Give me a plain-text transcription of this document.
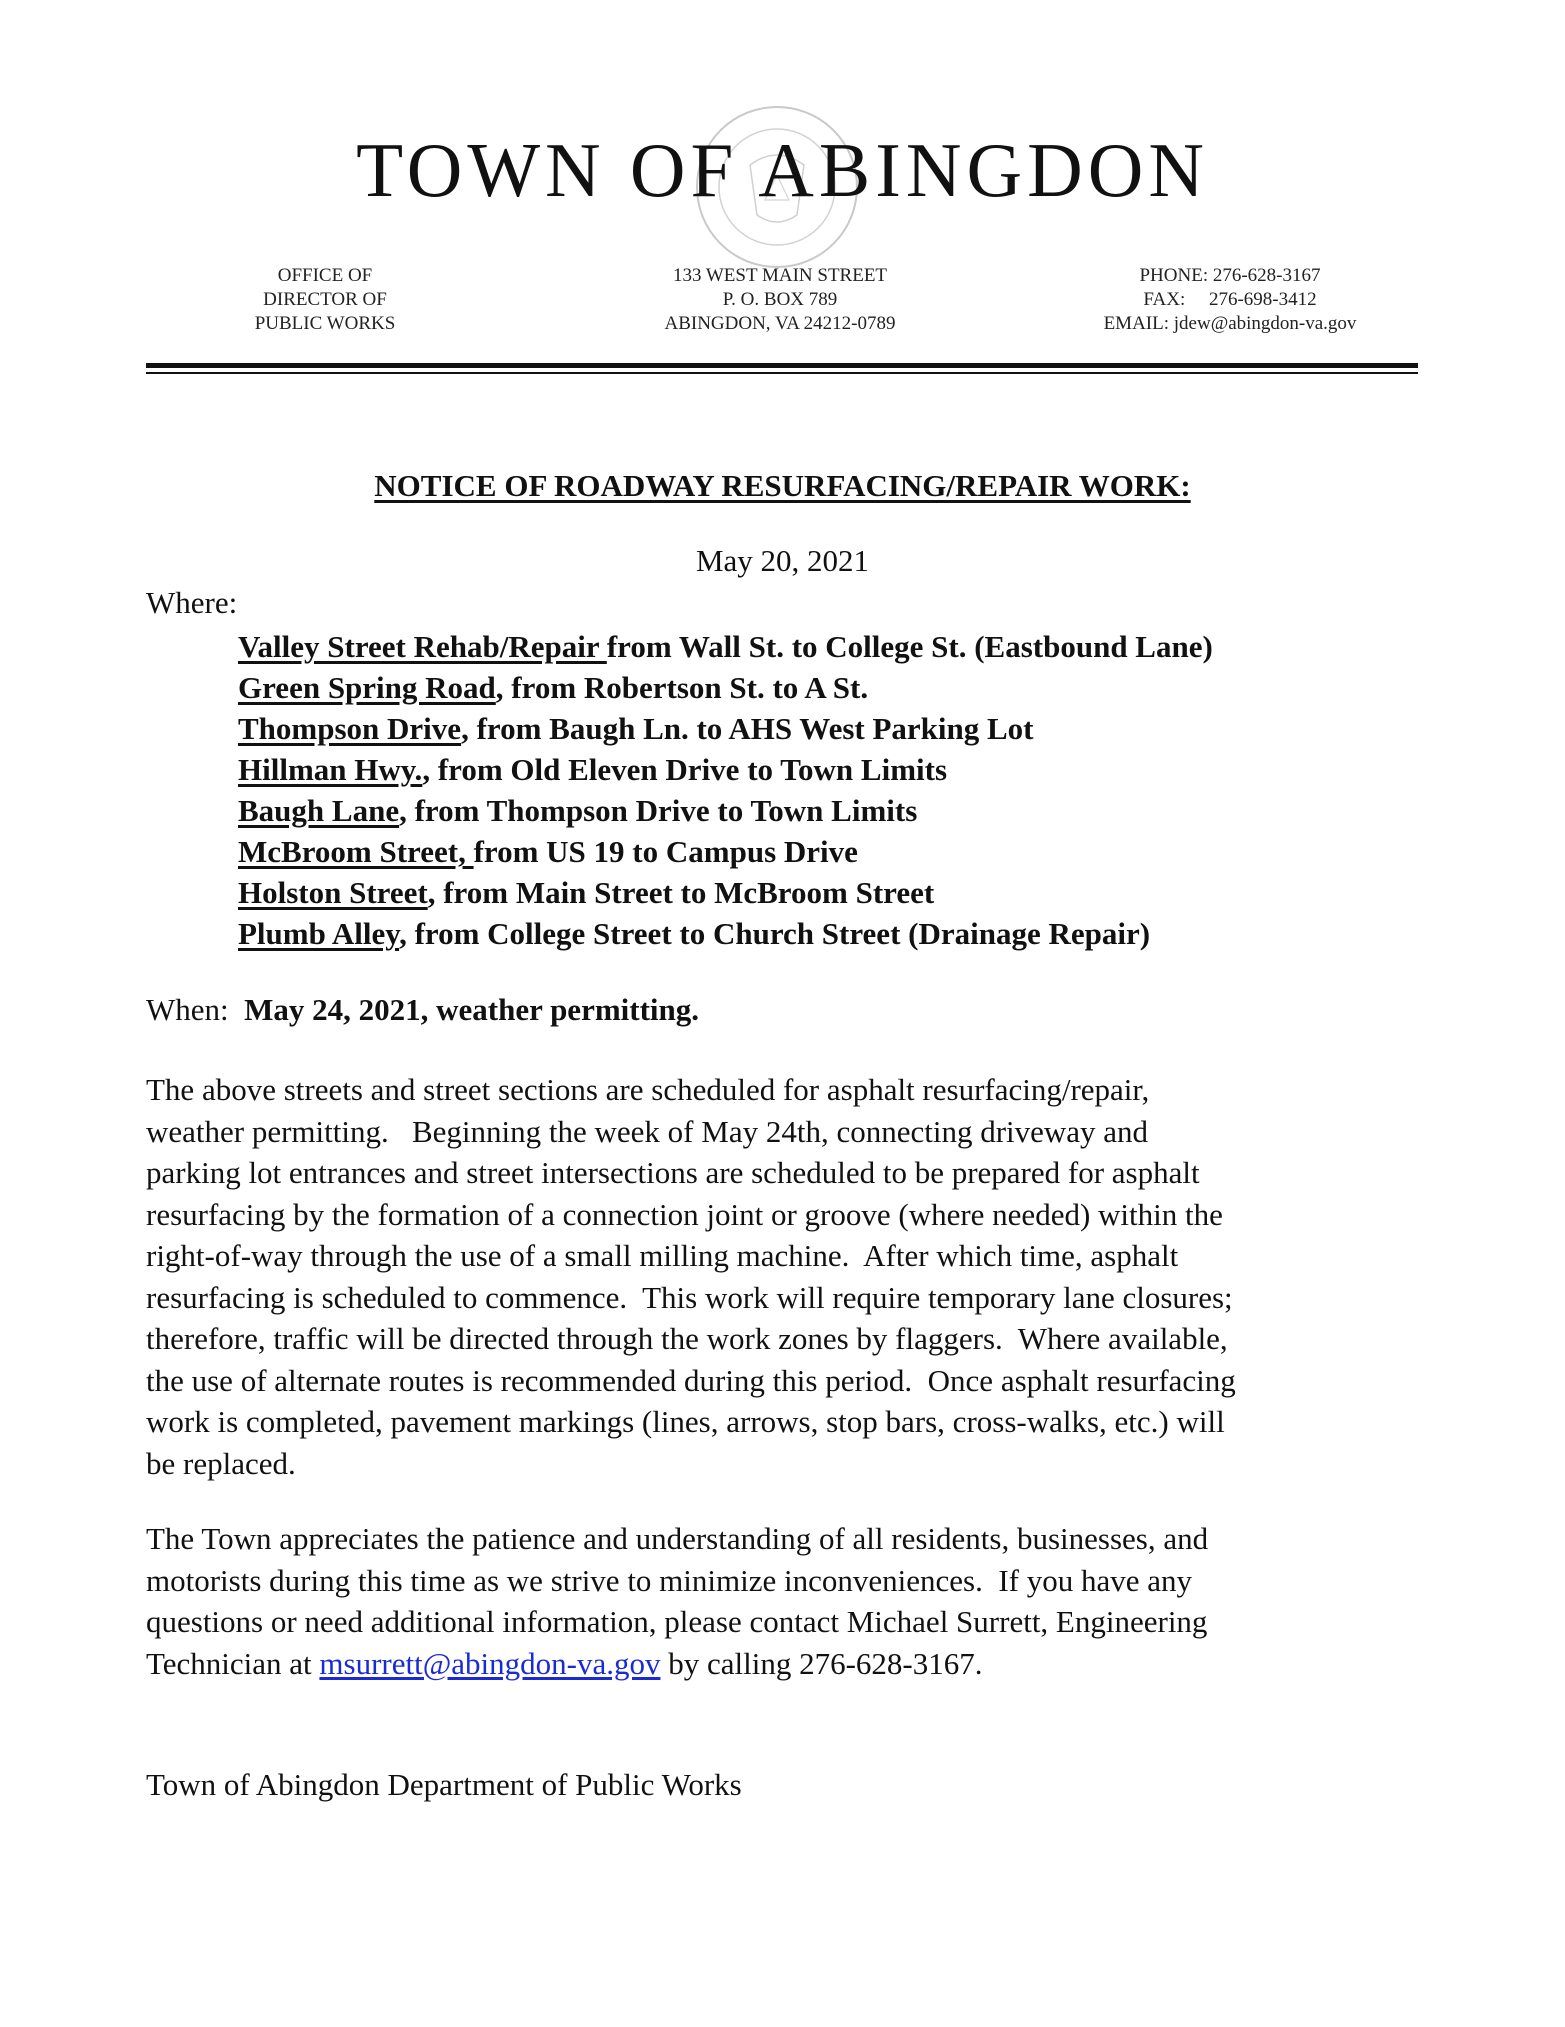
TOWN OF ABINGDON
OFFICE OF
DIRECTOR OF
PUBLIC WORKS
133 WEST MAIN STREET
P. O. BOX 789
ABINGDON, VA 24212-0789
PHONE: 276-628-3167
FAX:     276-698-3412
EMAIL: jdew@abingdon-va.gov
NOTICE OF ROADWAY RESURFACING/REPAIR WORK:
May 20, 2021
Where:
Valley Street Rehab/Repair from Wall St. to College St. (Eastbound Lane)
Green Spring Road, from Robertson St. to A St.
Thompson Drive, from Baugh Ln. to AHS West Parking Lot
Hillman Hwy., from Old Eleven Drive to Town Limits
Baugh Lane, from Thompson Drive to Town Limits
McBroom Street, from US 19 to Campus Drive
Holston Street, from Main Street to McBroom Street
Plumb Alley, from College Street to Church Street (Drainage Repair)
When:  May 24, 2021, weather permitting.
The above streets and street sections are scheduled for asphalt resurfacing/repair,
weather permitting.   Beginning the week of May 24th, connecting driveway and
parking lot entrances and street intersections are scheduled to be prepared for asphalt
resurfacing by the formation of a connection joint or groove (where needed) within the
right-of-way through the use of a small milling machine.  After which time, asphalt
resurfacing is scheduled to commence.  This work will require temporary lane closures;
therefore, traffic will be directed through the work zones by flaggers.  Where available,
the use of alternate routes is recommended during this period.  Once asphalt resurfacing
work is completed, pavement markings (lines, arrows, stop bars, cross-walks, etc.) will
be replaced.
The Town appreciates the patience and understanding of all residents, businesses, and
motorists during this time as we strive to minimize inconveniences.  If you have any
questions or need additional information, please contact Michael Surrett, Engineering
Technician at msurrett@abingdon-va.gov by calling 276-628-3167.
Town of Abingdon Department of Public Works
